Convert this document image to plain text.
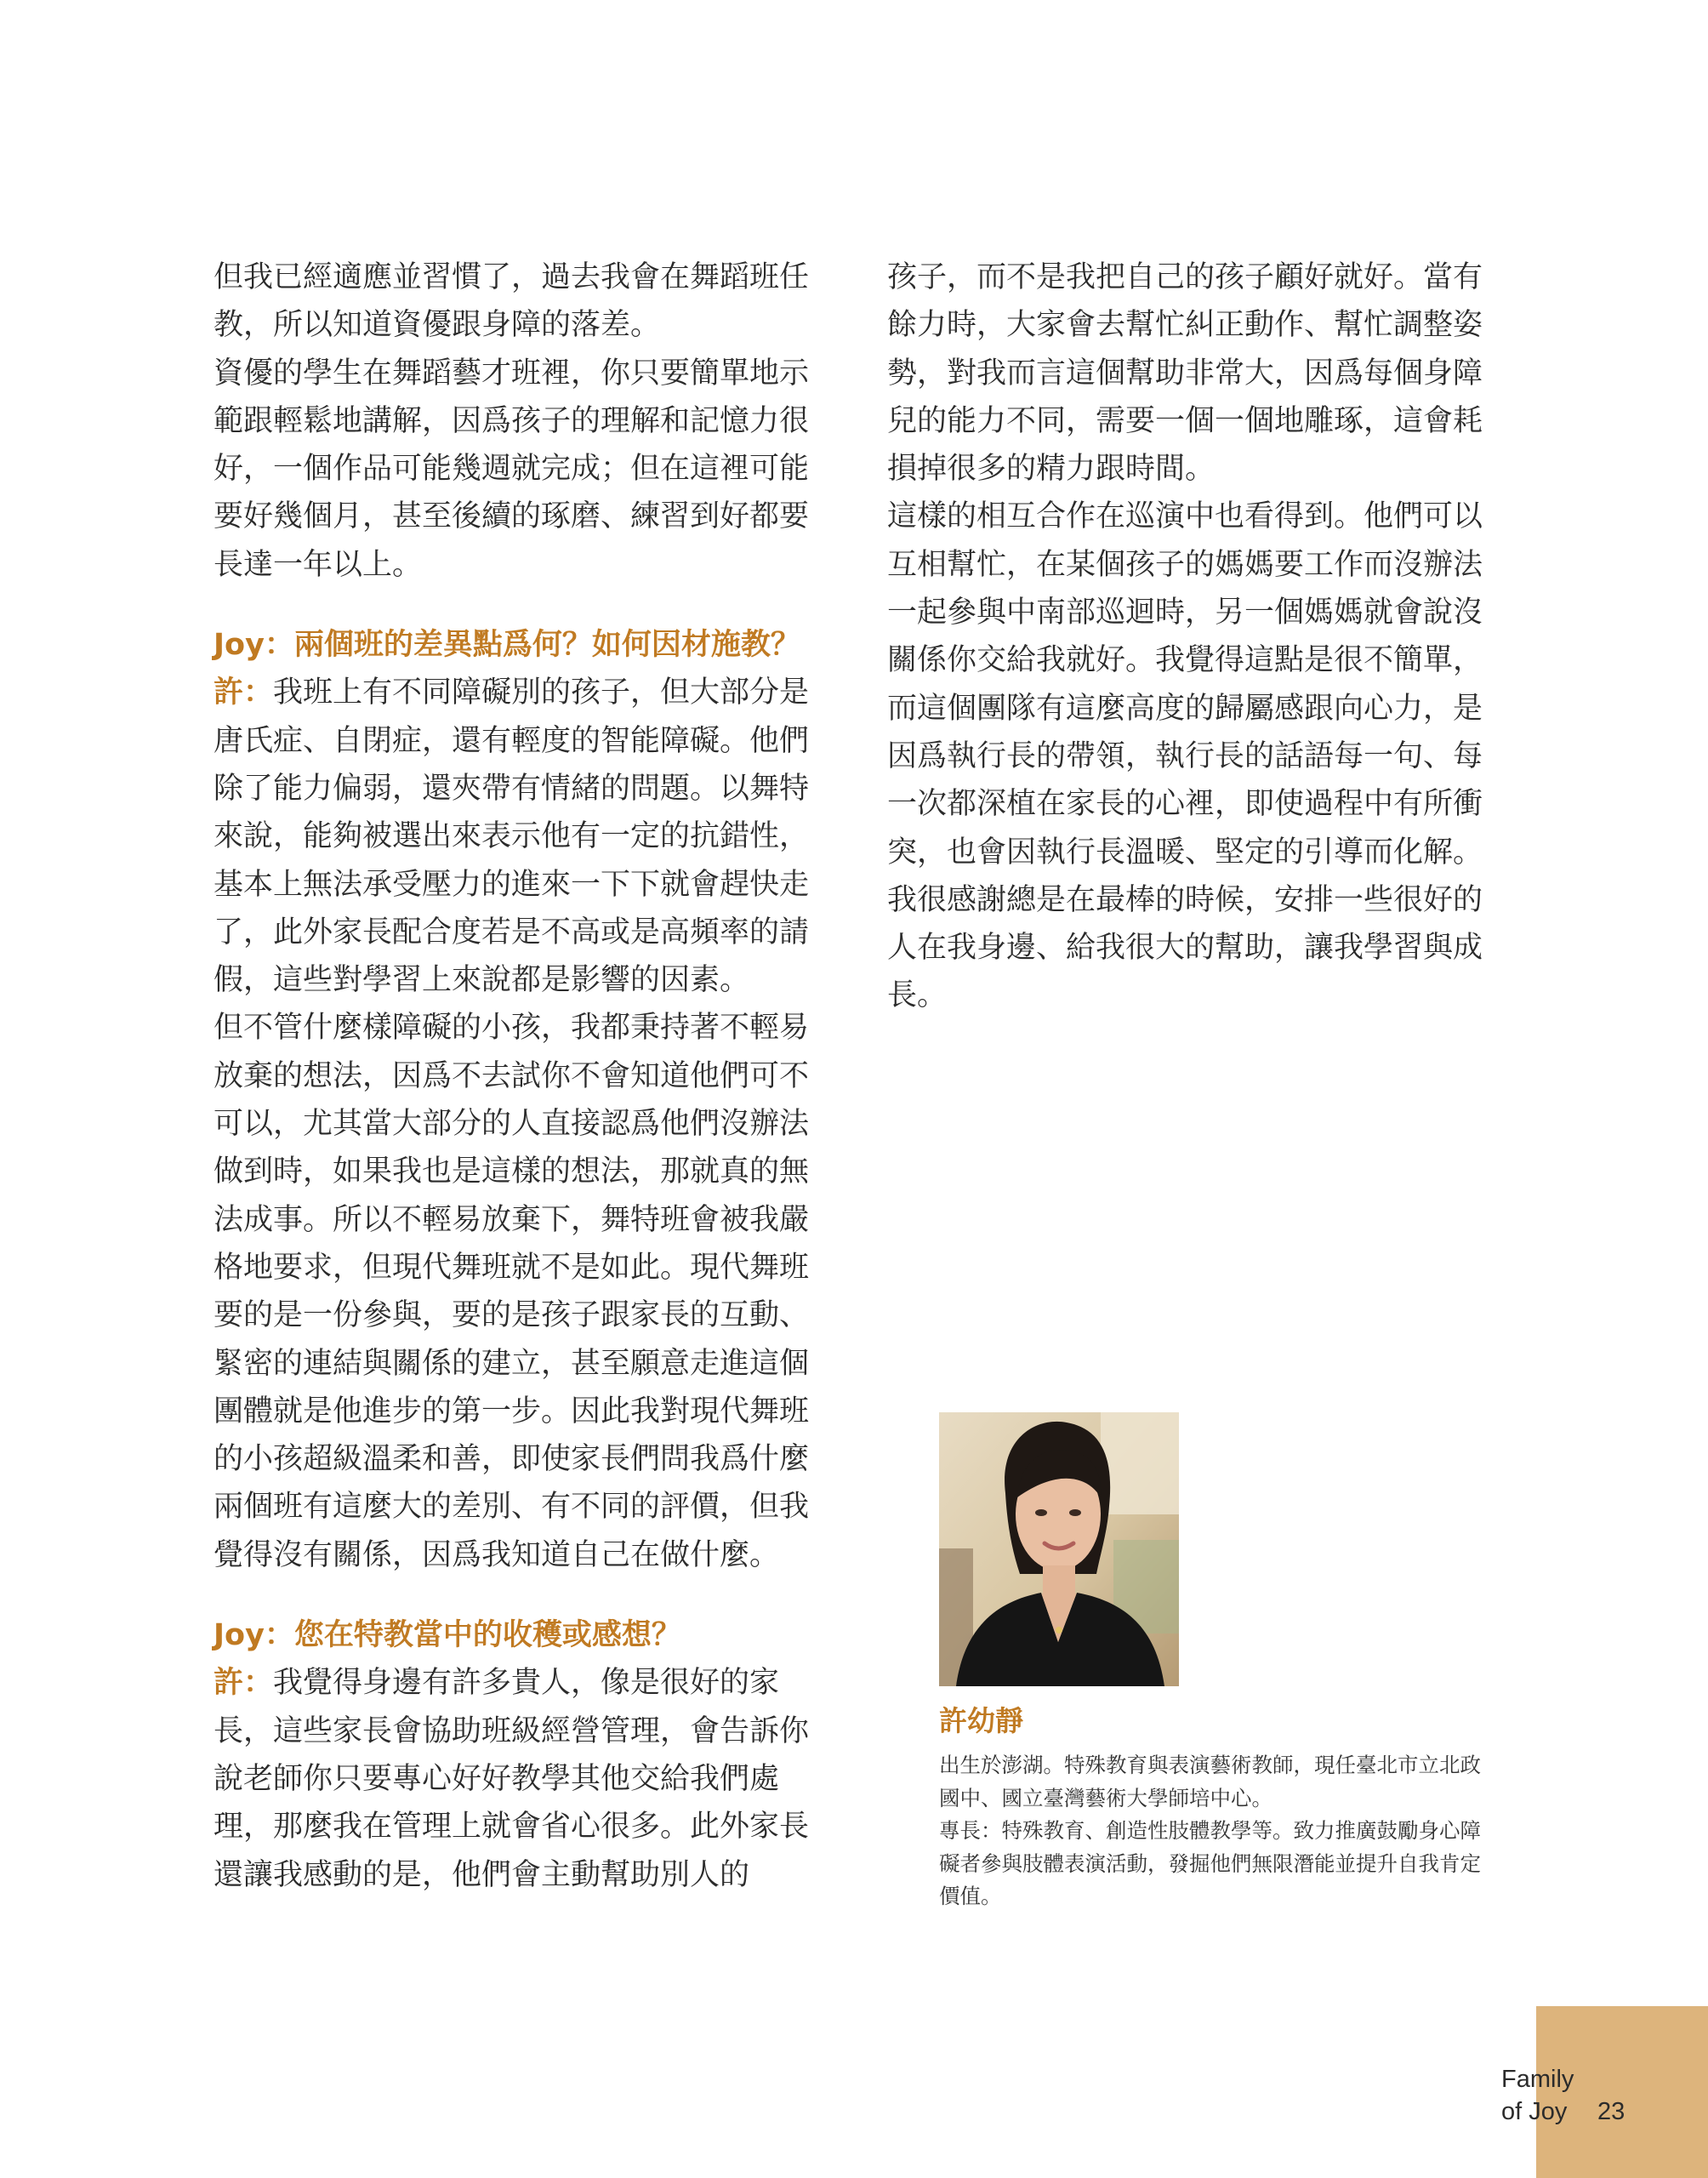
但我已經適應並習慣了，過去我會在舞蹈班任教，所以知道資優跟身障的落差。

資優的學生在舞蹈藝才班裡，你只要簡單地示範跟輕鬆地講解，因爲孩子的理解和記憶力很好，一個作品可能幾週就完成；但在這裡可能要好幾個月，甚至後續的琢磨、練習到好都要長達一年以上。

Joy：兩個班的差異點爲何？如何因材施教？

許：我班上有不同障礙別的孩子，但大部分是唐氏症、自閉症，還有輕度的智能障礙。他們除了能力偏弱，還夾帶有情緒的問題。以舞特來說，能夠被選出來表示他有一定的抗錯性，基本上無法承受壓力的進來一下下就會趕快走了，此外家長配合度若是不高或是高頻率的請假，這些對學習上來說都是影響的因素。

但不管什麼樣障礙的小孩，我都秉持著不輕易放棄的想法，因爲不去試你不會知道他們可不可以，尤其當大部分的人直接認爲他們沒辦法做到時，如果我也是這樣的想法，那就真的無法成事。所以不輕易放棄下，舞特班會被我嚴格地要求，但現代舞班就不是如此。現代舞班要的是一份參與，要的是孩子跟家長的互動、緊密的連結與關係的建立，甚至願意走進這個團體就是他進步的第一步。因此我對現代舞班的小孩超級溫柔和善，即使家長們問我爲什麼兩個班有這麼大的差別、有不同的評價，但我覺得沒有關係，因爲我知道自己在做什麼。

Joy：您在特教當中的收穫或感想？

許：我覺得身邊有許多貴人，像是很好的家長，這些家長會協助班級經營管理，會告訴你說老師你只要專心好好教學其他交給我們處理，那麼我在管理上就會省心很多。此外家長還讓我感動的是，他們會主動幫助別人的

孩子，而不是我把自己的孩子顧好就好。當有餘力時，大家會去幫忙糾正動作、幫忙調整姿勢，對我而言這個幫助非常大，因爲每個身障兒的能力不同，需要一個一個地雕琢，這會耗損掉很多的精力跟時間。

這樣的相互合作在巡演中也看得到。他們可以互相幫忙，在某個孩子的媽媽要工作而沒辦法一起參與中南部巡迴時，另一個媽媽就會說沒關係你交給我就好。我覺得這點是很不簡單，而這個團隊有這麼高度的歸屬感跟向心力，是因爲執行長的帶領，執行長的話語每一句、每一次都深植在家長的心裡，即使過程中有所衝突，也會因執行長溫暖、堅定的引導而化解。

我很感謝總是在最棒的時候，安排一些很好的人在我身邊、給我很大的幫助，讓我學習與成長。

許幼靜

出生於澎湖。特殊教育與表演藝術教師，現任臺北市立北政國中、國立臺灣藝術大學師培中心。

專長：特殊教育、創造性肢體教學等。致力推廣鼓勵身心障礙者參與肢體表演活動，發掘他們無限潛能並提升自我肯定價值。

Family
of Joy 23
